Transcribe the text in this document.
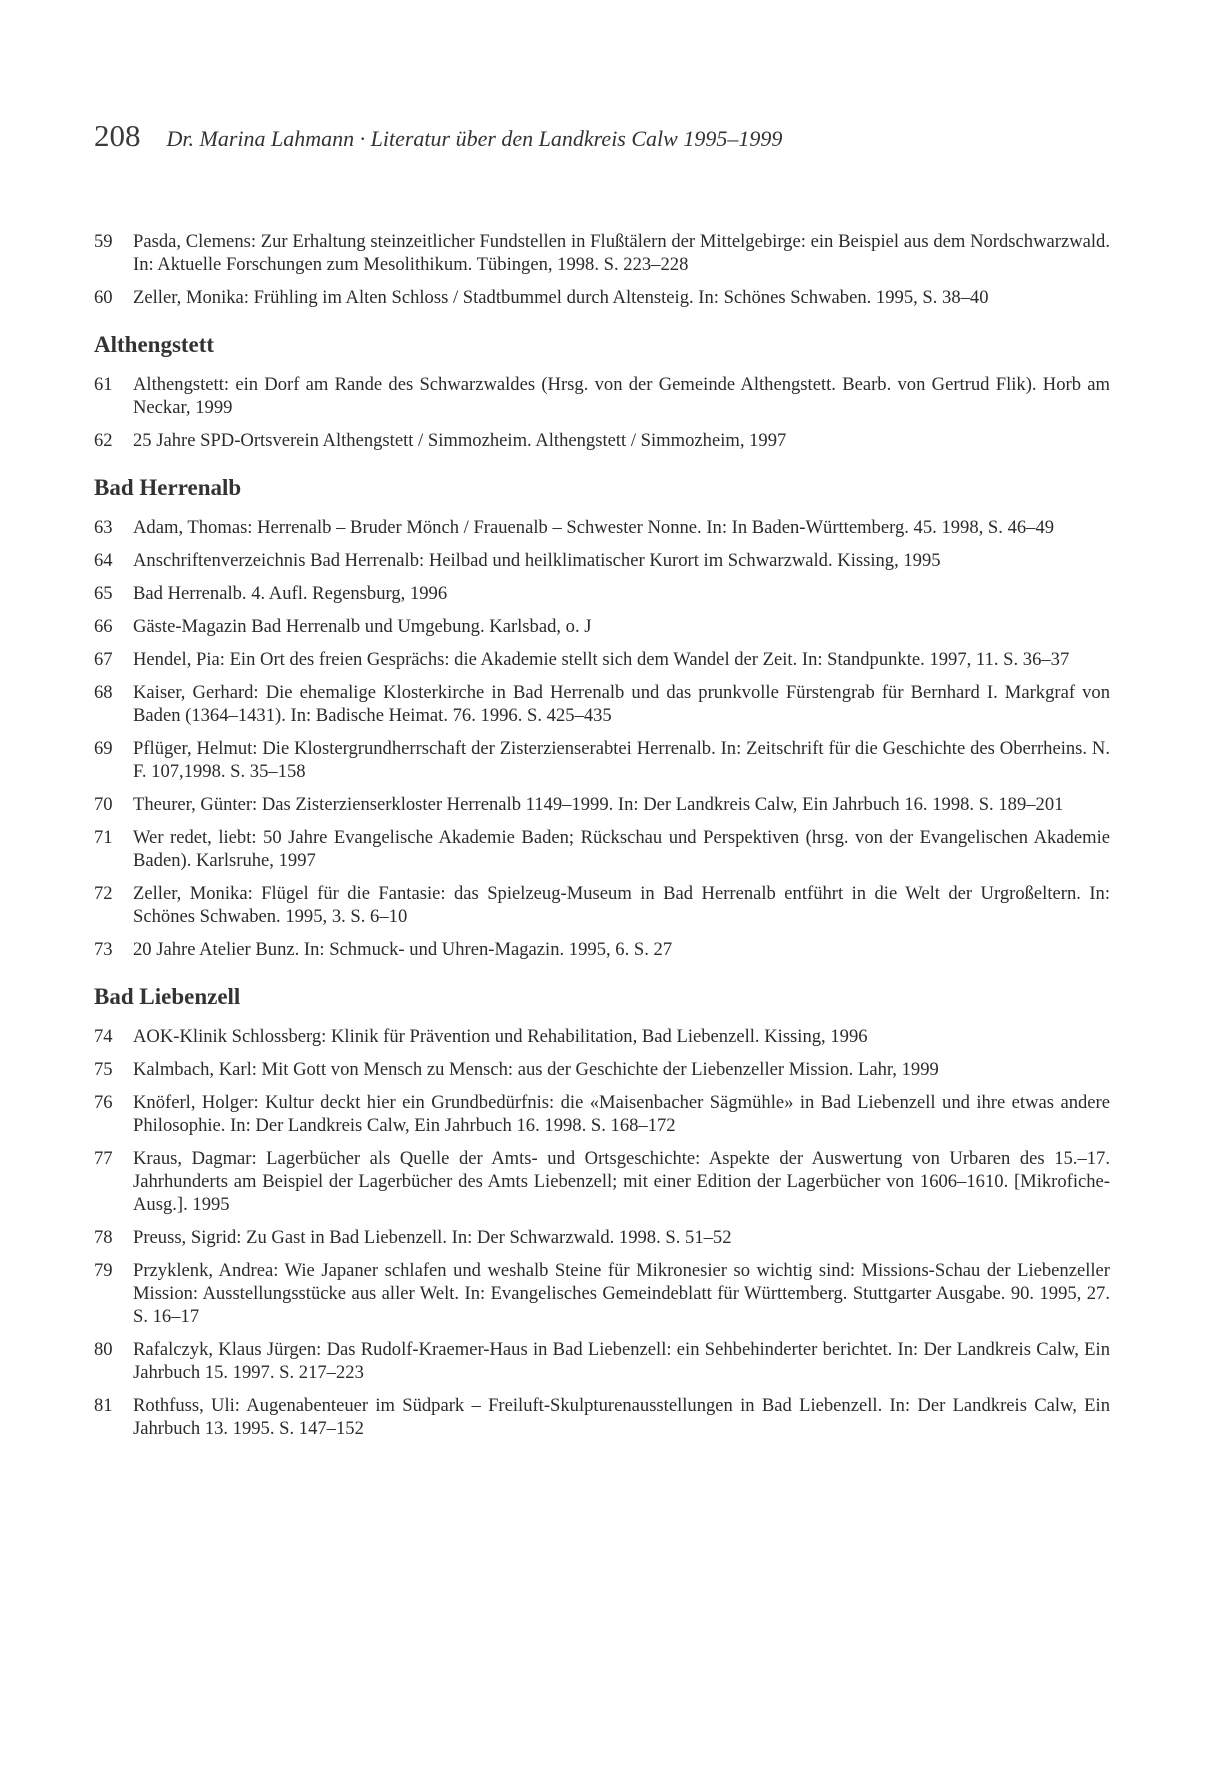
208 Dr. Marina Lahmann · Literatur über den Landkreis Calw 1995–1999
59	Pasda, Clemens: Zur Erhaltung steinzeitlicher Fundstellen in Flußtälern der Mittelgebirge: ein Beispiel aus dem Nordschwarzwald. In: Aktuelle Forschungen zum Mesolithikum. Tübingen, 1998. S. 223–228
60	Zeller, Monika: Frühling im Alten Schloss / Stadtbummel durch Altensteig. In: Schönes Schwaben. 1995, S. 38–40
Althengstett
61	Althengstett: ein Dorf am Rande des Schwarzwaldes (Hrsg. von der Gemeinde Althengstett. Bearb. von Gertrud Flik). Horb am Neckar, 1999
62	25 Jahre SPD-Ortsverein Althengstett / Simmozheim. Althengstett / Simmozheim, 1997
Bad Herrenalb
63	Adam, Thomas: Herrenalb – Bruder Mönch / Frauenalb – Schwester Nonne. In: In Baden-Württemberg. 45. 1998, S. 46–49
64	Anschriftenverzeichnis Bad Herrenalb: Heilbad und heilklimatischer Kurort im Schwarzwald. Kissing, 1995
65	Bad Herrenalb. 4. Aufl. Regensburg, 1996
66	Gäste-Magazin Bad Herrenalb und Umgebung. Karlsbad, o. J
67	Hendel, Pia: Ein Ort des freien Gesprächs: die Akademie stellt sich dem Wandel der Zeit. In: Standpunkte. 1997, 11. S. 36–37
68	Kaiser, Gerhard: Die ehemalige Klosterkirche in Bad Herrenalb und das prunkvolle Fürstengrab für Bernhard I. Markgraf von Baden (1364–1431). In: Badische Heimat. 76. 1996. S. 425–435
69	Pflüger, Helmut: Die Klostergrundherrschaft der Zisterzienserabtei Herrenalb. In: Zeitschrift für die Geschichte des Oberrheins. N. F. 107,1998. S. 35–158
70	Theurer, Günter: Das Zisterzienserkloster Herrenalb 1149–1999. In: Der Landkreis Calw, Ein Jahrbuch 16. 1998. S. 189–201
71	Wer redet, liebt: 50 Jahre Evangelische Akademie Baden; Rückschau und Perspektiven (hrsg. von der Evangelischen Akademie Baden). Karlsruhe, 1997
72	Zeller, Monika: Flügel für die Fantasie: das Spielzeug-Museum in Bad Herrenalb entführt in die Welt der Urgroßeltern. In: Schönes Schwaben. 1995, 3. S. 6–10
73	20 Jahre Atelier Bunz. In: Schmuck- und Uhren-Magazin. 1995, 6. S. 27
Bad Liebenzell
74	AOK-Klinik Schlossberg: Klinik für Prävention und Rehabilitation, Bad Liebenzell. Kissing, 1996
75	Kalmbach, Karl: Mit Gott von Mensch zu Mensch: aus der Geschichte der Liebenzeller Mission. Lahr, 1999
76	Knöferl, Holger: Kultur deckt hier ein Grundbedürfnis: die «Maisenbacher Sägmühle» in Bad Liebenzell und ihre etwas andere Philosophie. In: Der Landkreis Calw, Ein Jahrbuch 16. 1998. S. 168–172
77	Kraus, Dagmar: Lagerbücher als Quelle der Amts- und Ortsgeschichte: Aspekte der Auswertung von Urbaren des 15.–17. Jahrhunderts am Beispiel der Lagerbücher des Amts Liebenzell; mit einer Edition der Lagerbücher von 1606–1610. [Mikrofiche-Ausg.]. 1995
78	Preuss, Sigrid: Zu Gast in Bad Liebenzell. In: Der Schwarzwald. 1998. S. 51–52
79	Przyklenk, Andrea: Wie Japaner schlafen und weshalb Steine für Mikronesier so wichtig sind: Missions-Schau der Liebenzeller Mission: Ausstellungsstücke aus aller Welt. In: Evangelisches Gemeindeblatt für Württemberg. Stuttgarter Ausgabe. 90. 1995, 27. S. 16–17
80	Rafalczyk, Klaus Jürgen: Das Rudolf-Kraemer-Haus in Bad Liebenzell: ein Sehbehinderter berichtet. In: Der Landkreis Calw, Ein Jahrbuch 15. 1997. S. 217–223
81	Rothfuss, Uli: Augenabenteuer im Südpark – Freiluft-Skulpturenausstellungen in Bad Liebenzell. In: Der Landkreis Calw, Ein Jahrbuch 13. 1995. S. 147–152
